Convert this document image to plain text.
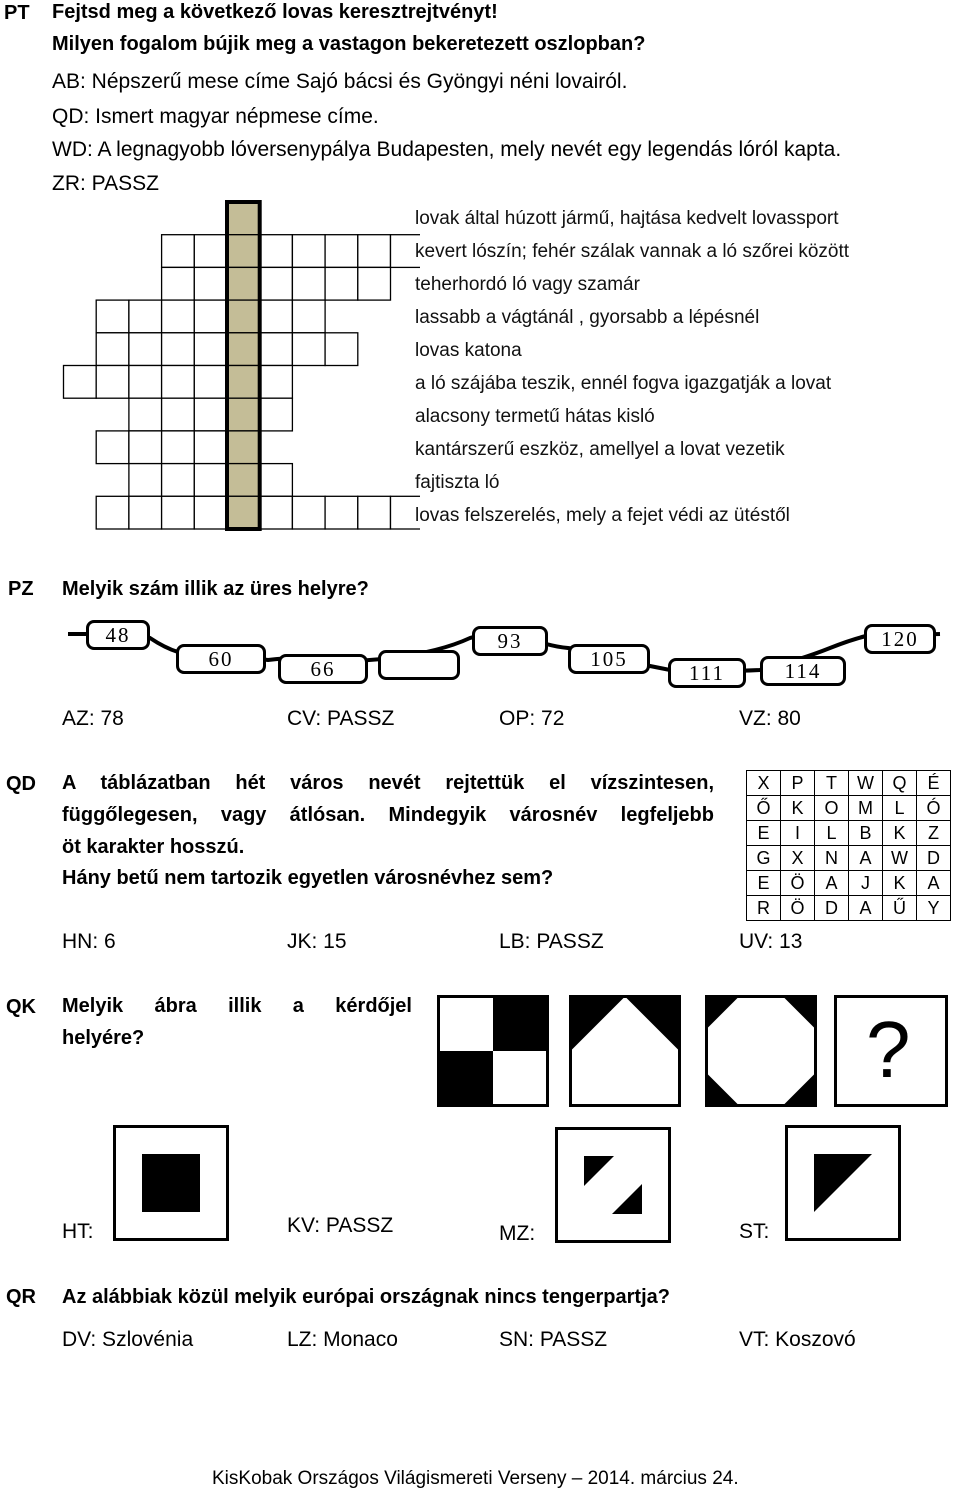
PT Fejtsd meg a következő lovas keresztrejtvényt!
Milyen fogalom bújik meg a vastagon bekeretezett oszlopban?
AB: Népszerű mese címe Sajó bácsi és Gyöngyi néni lovairól.
QD: Ismert magyar népmese címe.
WD: A legnagyobb lóversenypálya Budapesten, mely nevét egy legendás lóról kapta.
ZR: PASSZ
lovak által húzott jármű, hajtása kedvelt lovassport
kevert lószín; fehér szálak vannak a ló szőrei között
teherhordó ló vagy szamár
lassabb a vágtánál , gyorsabb a lépésnél
lovas katona
a ló szájába teszik, ennél fogva igazgatják a lovat
alacsony termetű hátas kisló
kantárszerű eszköz, amellyel a lovat vezetik
fajtiszta ló
lovas felszerelés, mely a fejet védi az ütéstől
PZ Melyik szám illik az üres helyre?
48
60	66
93
105
111	114
120
AZ: 78	CV: PASSZ	OP: 72	VZ: 80
QD A táblázatban hét város nevét rejtettük el vízszintesen,
függőlegesen, vagy átlósan. Mindegyik városnév legfeljebb
öt karakter hosszú.
Hány betű nem tartozik egyetlen városnévhez sem?
X	P	T	W	Q	É
Ő	K	O	M	L	Ó
E	I	L	B	K	Z
G	X	N	A	W	D
E	Ö	A	J	K	A
R	Ö	D	A	Ű	Y
HN: 6	JK: 15	LB: PASSZ	UV: 13
QK Melyik ábra illik a kérdőjel
helyére?	?
HT:	KV: PASSZ	MZ:	ST:
QR Az alábbiak közül melyik európai országnak nincs tengerpartja?
DV: Szlovénia	LZ: Monaco	SN: PASSZ	VT: Koszovó
KisKobak Országos Világismereti Verseny – 2014. március 24.
